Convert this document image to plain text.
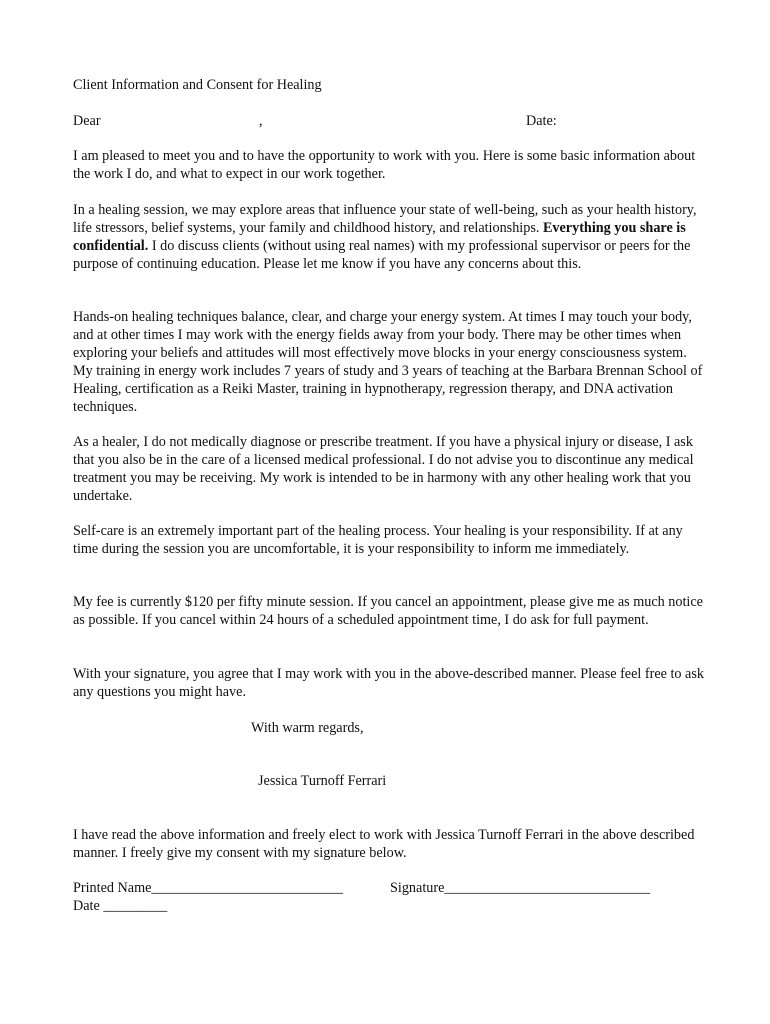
Client Information and Consent for Healing
Dear	,	Date:

I am pleased to meet you and to have the opportunity to work with you. Here is some basic information about the work I do, and what to expect in our work together.

In a healing session, we may explore areas that influence your state of well-being, such as your health history, life stressors, belief systems, your family and childhood history, and relationships. Everything you share is confidential. I do discuss clients (without using real names) with my professional supervisor or peers for the purpose of continuing education. Please let me know if you have any concerns about this.

Hands-on healing techniques balance, clear, and charge your energy system. At times I may touch your body, and at other times I may work with the energy fields away from your body. There may be other times when exploring your beliefs and attitudes will most effectively move blocks in your energy consciousness system. My training in energy work includes 7 years of study and 3 years of teaching at the Barbara Brennan School of Healing, certification as a Reiki Master, training in hypnotherapy, regression therapy, and DNA activation techniques.

As a healer, I do not medically diagnose or prescribe treatment. If you have a physical injury or disease, I ask that you also be in the care of a licensed medical professional. I do not advise you to discontinue any medical treatment you may be receiving. My work is intended to be in harmony with any other healing work that you undertake.

Self-care is an extremely important part of the healing process. Your healing is your responsibility. If at any time during the session you are uncomfortable, it is your responsibility to inform me immediately.

My fee is currently $120 per fifty minute session. If you cancel an appointment, please give me as much notice as possible. If you cancel within 24 hours of a scheduled appointment time, I do ask for full payment.

With your signature, you agree that I may work with you in the above-described manner. Please feel free to ask any questions you might have.

With warm regards,
Jessica Turnoff Ferrari

I have read the above information and freely elect to work with Jessica Turnoff Ferrari in the above described manner. I freely give my consent with my signature below.

Printed Name___________________________	Signature_____________________________
Date _________
